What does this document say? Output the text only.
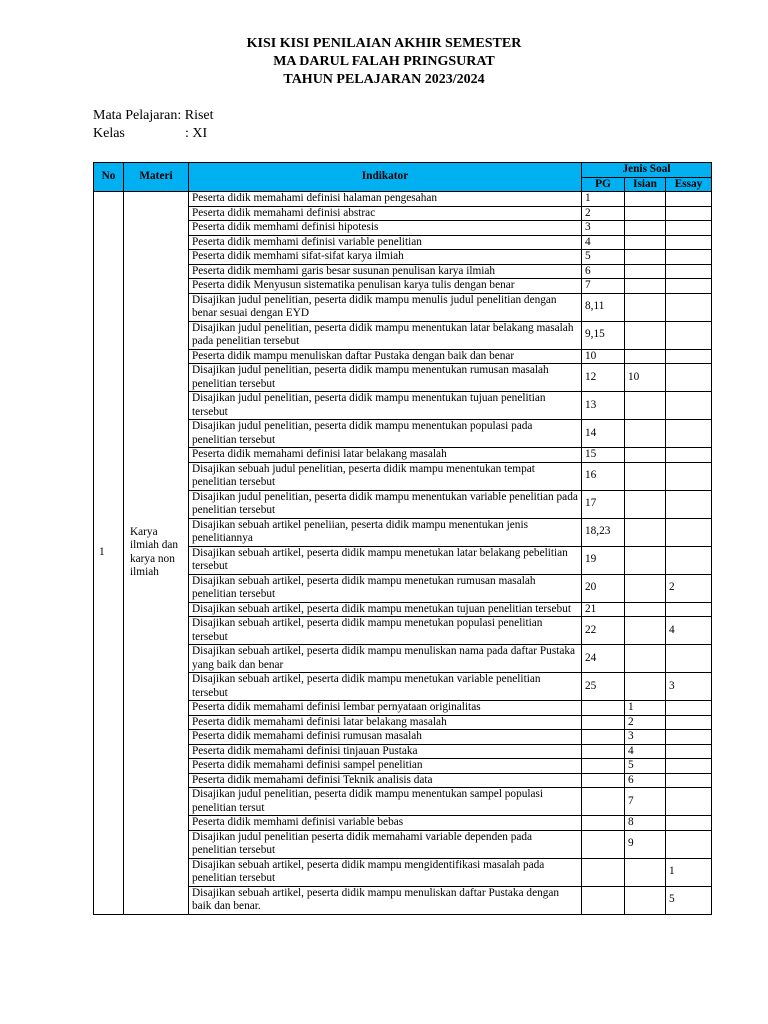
KISI KISI PENILAIAN AKHIR SEMESTER
MA DARUL FALAH PRINGSURAT
TAHUN PELAJARAN 2023/2024
Mata Pelajaran: Riset
Kelas	: XI
No	Materi	Indikator	Jenis Soal		
			PG	Isian	Essay
1	Karya ilmiah dan karya non ilmiah	Peserta didik memahami definisi halaman pengesahan	1		
		Peserta didik memahami definisi abstrac	2		
		Peserta didik memhami definisi hipotesis	3		
		Peserta didik memhami definisi variable penelitian	4		
		Peserta didik memhami sifat-sifat karya ilmiah	5		
		Peserta didik memhami garis besar susunan penulisan karya ilmiah	6		
		Peserta didik Menyusun sistematika penulisan karya tulis dengan benar	7		
		Disajikan judul penelitian, peserta didik mampu menulis judul penelitian dengan benar sesuai dengan EYD	8,11		
		Disajikan judul penelitian, peserta didik mampu menentukan latar belakang masalah pada penelitian tersebut	9,15		
		Peserta didik mampu menuliskan daftar Pustaka dengan baik dan benar	10		
		Disajikan judul penelitian, peserta didik mampu menentukan rumusan masalah penelitian tersebut	12	10	
		Disajikan judul penelitian, peserta didik mampu menentukan tujuan penelitian tersebut	13		
		Disajikan judul penelitian, peserta didik mampu menentukan populasi pada penelitian tersebut	14		
		Peserta didik memahami definisi latar belakang masalah	15		
		Disajikan sebuah judul penelitian, peserta didik mampu menentukan tempat penelitian tersebut	16		
		Disajikan judul penelitian, peserta didik mampu menentukan variable penelitian pada penelitian tersebut	17		
		Disajikan sebuah artikel peneliian, peserta didik mampu menentukan jenis penelitiannya	18,23		
		Disajikan sebuah artikel, peserta didik mampu menetukan latar belakang pebelitian tersebut	19		
		Disajikan sebuah artikel, peserta didik mampu menetukan rumusan masalah penelitian tersebut	20		2
		Disajikan sebuah artikel, peserta didik mampu menetukan tujuan penelitian tersebut	21		
		Disajikan sebuah artikel, peserta didik mampu menetukan populasi penelitian tersebut	22		4
		Disajikan sebuah artikel, peserta didik mampu menuliskan nama pada daftar Pustaka yang baik dan benar	24		
		Disajikan sebuah artikel, peserta didik mampu menetukan variable penelitian tersebut	25		3
		Peserta didik memahami definisi lembar pernyataan originalitas		1	
		Peserta didik memahami definisi latar belakang masalah		2	
		Peserta didik memahami definisi rumusan masalah		3	
		Peserta didik memahami definisi tinjauan Pustaka		4	
		Peserta didik memahami definisi sampel penelitian		5	
		Peserta didik memahami definisi Teknik analisis data		6	
		Disajikan judul penelitian, peserta didik mampu menentukan sampel populasi penelitian tersut		7	
		Peserta didik memhami definisi variable bebas		8	
		Disajikan judul penelitian peserta didik memahami variable dependen pada penelitian tersebut		9	
		Disajikan sebuah artikel, peserta didik mampu mengidentifikasi masalah pada penelitian tersebut			1
		Disajikan sebuah artikel, peserta didik mampu menuliskan daftar Pustaka dengan baik dan benar.			5
